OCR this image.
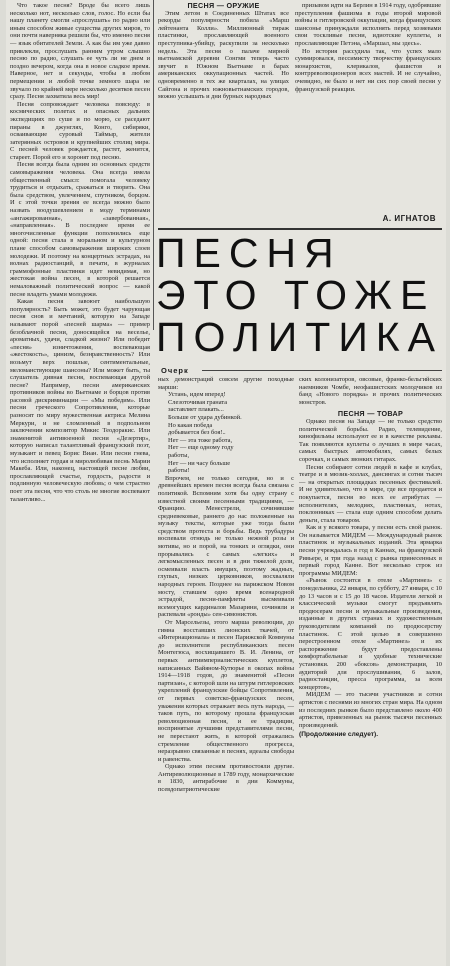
Что такое песня? Вроде бы всего лишь несколько нот, несколько слов, голос. Но если бы нашу планету смогли «прослушать» по радио или иным способом живые существа других миров, то они почти наверняка решили бы, что именно песня — язык обитателей Земли. А как бы им уже давно привлекли, прослушать ранним утром слышно песню по радио, слушать ее чуть ли не днем и поздно вечером, когда она в новое сладкое время. Наверное, нет и секунды, чтобы в любом пермещении и любой точке земного шара не звучало по крайней мере несколько десятков песен сразу. Песня захватила весь мир!

Песня сопровождает человека повсюду: в космических полетах и опасных дальних экспедициях по суше и по морю, се раседают пираны в джунглях, Конго, сибиряки, осваивающие суровый Таймыр, жители затерянных островов и крупнейших столиц мира. С песней человек рождается, растет, женится, стареет. Порой его и хоронят под песню.

Песня всегда была одним из основных средств самовыражения человека. Она всегда имела общественный смысл: помогала человеку трудиться и отдыхать, сражаться и творить. Она была средством, увлечением, спутником, борцом. И с этой точки зрения ее всегда можно было назвать воодушевлением в моду терминами «ангажированная», «завербованная», «направленная». В последнее время ее многочисленные функции пополнились еще одной: песня стала в моральном и культурном плане способом самовыражения широких слоев молодежи. И поэтому на концертных эстрадах, на волнах радиостанций, в печати, в журналах граммофонные пластинки идет невидимая, но жестокая война песен, в которой решается немаловажный политический вопрос — какой песне владеть умами молодежи.

Какая песня завоюет наибольшую популярность? Быть может, это будет чарующая песня снов и мечтаний, которую на Западе называют порой «песней шарма» — пример безоблачной песни, доносящейся на веселье, ароматных, удачи, сладкой жизни? Или победит «песня» изничтожения, воспевающая «жестокость», цинизм, безнравственность? Или возьмут верх пошлые, сентиментальные, меломанствующие шансоны? Или может быть, ты слушатель дивная песня, воспевающая другой песне? Например, песни американских противников войны во Вьетнаме и борцов против расовой дискриминации — «Мы победим». Или песни греческого Сопротивления, которые разносят по миру мужественная актриса Мелина Меркури, и не сломленный в подпольном заключении композитор Микис Теодоракис. Или знаменитой антивоенной песни «Дезертир», которую написал талантливый французский поэт, музыкант и певец Борис Виан. Или песни гнева, что исполняет гордая и миролюбивая песнь Марии Макеба. Или, наконец, настоящей песне любви, прославляющей счастье, гордость, радости и подлинную человеческую любовь; о чем страстно поет эта песня, что что столь не многие воспевают талантливо...

ПЕСНЯ — ОРУЖИЕ

Этим летом в Соединенных Штатах все рекорды популярности побила «Марш лейтенанта Колли». Миллионный тираж пластинки, прославляющей военного преступника-убийцу, раскупили за несколько недель. Эта песня о палаче мирной вьетнамской деревни Сонгми теперь часто звучит в Южном Вьетнаме в барах американских оккупационных частей. Но одновременно в тех же кварталах, на улицах Сайгона и прочих южновьетнамских городов, можно услышать и дни бурных народных

призывом идти на Берлин в 1914 году, одобрявшие преступления фашизма в годы второй мировой войны и гитлеровской оккупации, когда французских шансонье принуждали исполнять перед хозяевами свои тоскливые песни, идиотские куплеты, и прославляющие Петэна, «Маршал, мы здесь».

Но история рассудила так, что успех мало суммировался, пессимисту творчеству французских монархистов, клерикалов, фашистов и контрреволюционеров всех мастей. И не случайно, очевидно, не было и нет ни сих пор своей песни у французской реакции.

А. ИГНАТОВ
ПЕСНЯ
ЭТО ТОЖЕ
ПОЛИТИКА
Очерк

ных демонстраций совсем другие походные марши:

Устань, идем вперед!

Слезоточивая граната

заставляет плакать...

Больше от удара дубинкой.

Но какая победа

добывается без боя!..

Нет — эта тоже работа,

Нет — еще одному году

работы,

Нет — ни часу больше

работы!

Впрочем, не только сегодня, но и с древнейших времен песня всегда была связана с политикой. Вспомним хотя бы одну страну с известной своими песенными традициями, — Францию. Менестрели, сочинявшие средневековые, раннего до нас положенные на музыку тексты, которые уже тогда были средством протеста и борьбы. Ведь трубадуры воспевали отнюдь не только нежной розы и мотивы, но и порой, на тонких и оглядки, они прорывались с самых «легких» и легкомысленных песен и в дни тяжелой доли, осмеивали власть имущих, поэтому жадных, глупых, низких церковников, восхваляли народных героев. Позднее на парижском Новом мосту, ставшем одно время всенародной эстрадой, песни-памфлеты высмеивали всемогущих кардиналов Мазарини, сочиняли и распевали «ронды» сен-симонистов.

От Марсельезы, этого марша революции, до гимна восставших лионских ткачей, от «Интернационала» и песен Парижской Коммуны до исполнителя республиканских песен Монтегюса, восхищавшего В. И. Ленина, от первых антиимпериалистических куплетов, написанных Вайяном-Кутюрье в окопах войны 1914—1918 годов, до знаменитой «Песни партизан», с которой шли на штурм гитлеровских укреплений французские бойцы Сопротивления, от первых советско-французских песен, уважения которых отражает весь путь народа, — таков путь, по которому прошла французская революционная песня, и ее традиции, воспринятые лучшими представителями песни, не перестают жить, в которой отражались стремление общественного прогресса, неразрывно связанные в песнях, идеалы свободы и равенства.

Однако этим песням противостояли другие. Антиреволюционные в 1789 году, монархические в 1830, антирабочие в дни Коммуны, псевдопатриотические

ских колонизаторов, овсовые, франко-бельгийских наемников Чомбе, неофашистских молодчиков из банд «Нового порядка» и прочих политических монстров.

ПЕСНЯ — ТОВАР

Однако песня на Западе — не только средство политической борьбы. Радио, телевидение, кинофильмы используют ее и в качестве рекламы. Так появляются куплеты о лучших в мире часах, самых быстрых автомобилях, самых белых сорочках, и самых звонких гитарах.

Песни собирают сотни людей в кафе и клубах, театре и в мюзик-холлах, дансингах и сотни тысяч — на открытых площадках песенных фестивалей. И не удивительно, что в мире, где все продается и покупается, песня во всех ее атрибутах — исполнителях, мелодиях, пластинках, нотах, поклонниках — стала еще одним способом делать деньги, стала товаром.

Как и у всякого товара, у песни есть свой рынок. Он называется МИДЕМ — Международный рынок пластинок и музыкальных изданий. Эта ярмарка песни учреждалась в год в Каннах, на французской Ривьере, и три года назад с рынка принесенных в первый город Канне. Вот несколько строк из программы МИДЕМ:

«Рынок состоится в отеле «Мартинез» с понедельника, 22 января, по субботу, 27 января, с 10 до 13 часов и с 15 до 18 часов. Издатели легкой и классической музыки смогут предъявлять продюсерам песни и музыкальные произведения, изданные в других странах и художественным руководителям компаний по продюсерству пластинок. С этой целью в совершенно перестроенном отеле «Мартинез» и их распоряжение будут предоставлены комфортабельные и удобные технические установки. 200 «боксов» демонстрации, 10 аудиторий для прослушивания, 6 залов, радиостанции, пресса программа, за всем концертов»,

МИДЕМ — это тысячи участников и сотни артистов с песнями из многих стран мира. На одном из последних рынков было представлено около 400 артистов, привезенных на рынок тысячи песенных произведений.

(Продолжение следует).
